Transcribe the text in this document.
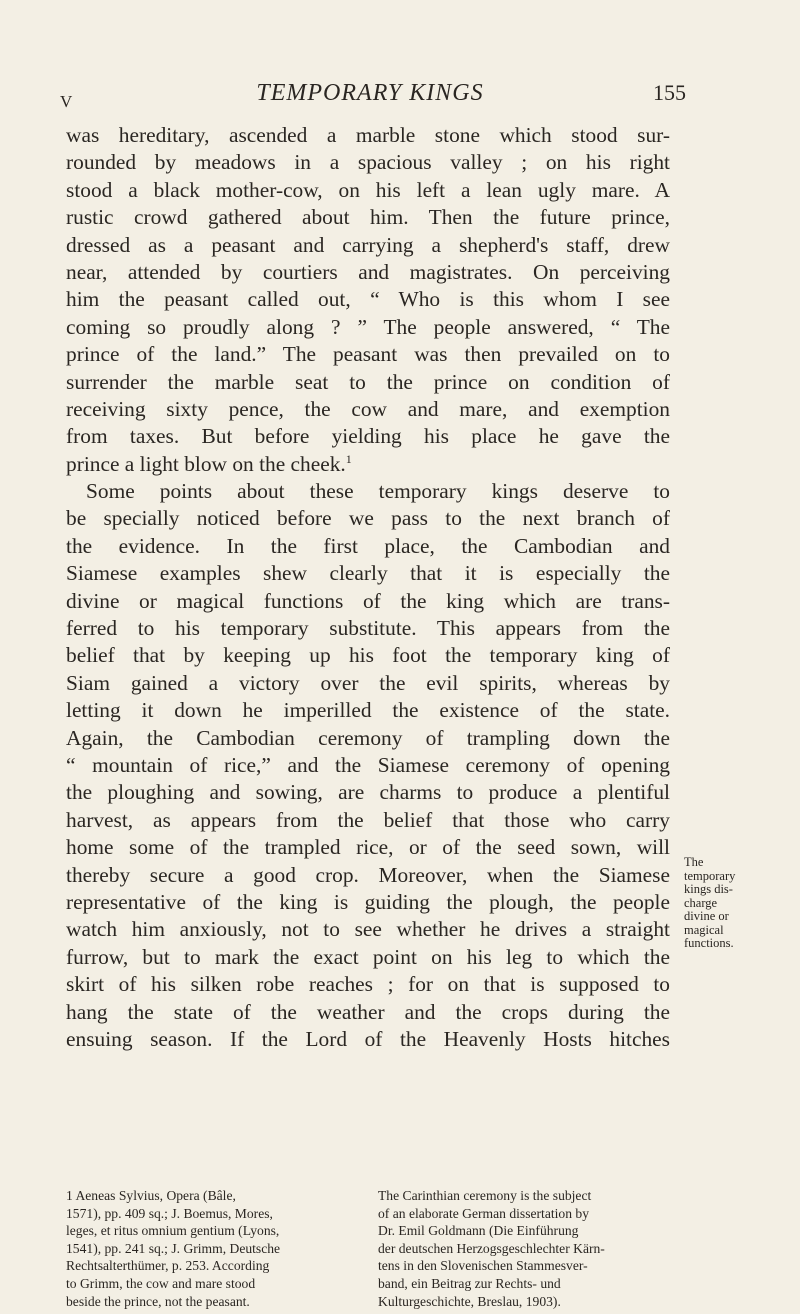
V	TEMPORARY KINGS	155
was hereditary, ascended a marble stone which stood sur-
rounded by meadows in a spacious valley ; on his right
stood a black mother-cow, on his left a lean ugly mare. A
rustic crowd gathered about him. Then the future prince,
dressed as a peasant and carrying a shepherd's staff, drew
near, attended by courtiers and magistrates. On perceiving
him the peasant called out, “ Who is this whom I see
coming so proudly along ? ” The people answered, “ The
prince of the land.” The peasant was then prevailed on to
surrender the marble seat to the prince on condition of
receiving sixty pence, the cow and mare, and exemption
from taxes. But before yielding his place he gave the
prince a light blow on the cheek.$^1$
Some points about these temporary kings deserve to
be specially noticed before we pass to the next branch of
the evidence. In the first place, the Cambodian and
Siamese examples shew clearly that it is especially the
divine or magical functions of the king which are trans-
ferred to his temporary substitute. This appears from the
belief that by keeping up his foot the temporary king of
Siam gained a victory over the evil spirits, whereas by
letting it down he imperilled the existence of the state.
Again, the Cambodian ceremony of trampling down the
“ mountain of rice,” and the Siamese ceremony of opening
the ploughing and sowing, are charms to produce a plentiful
harvest, as appears from the belief that those who carry
home some of the trampled rice, or of the seed sown, will
thereby secure a good crop. Moreover, when the Siamese
representative of the king is guiding the plough, the people
watch him anxiously, not to see whether he drives a straight
furrow, but to mark the exact point on his leg to which the
skirt of his silken robe reaches ; for on that is supposed to
hang the state of the weather and the crops during the
ensuing season. If the Lord of the Heavenly Hosts hitches
The
temporary
kings dis-
charge
divine or
magical
functions.
1 Aeneas Sylvius, Opera (Bâle,
1571), pp. 409 sq.; J. Boemus, Mores,
leges, et ritus omnium gentium (Lyons,
1541), pp. 241 sq.; J. Grimm, Deutsche
Rechtsalterthümer, p. 253. According
to Grimm, the cow and mare stood
beside the prince, not the peasant.
The Carinthian ceremony is the subject
of an elaborate German dissertation by
Dr. Emil Goldmann (Die Einführung
der deutschen Herzogsgeschlechter Kärn-
tens in den Slovenischen Stammesver-
band, ein Beitrag zur Rechts- und
Kulturgeschichte, Breslau, 1903).
